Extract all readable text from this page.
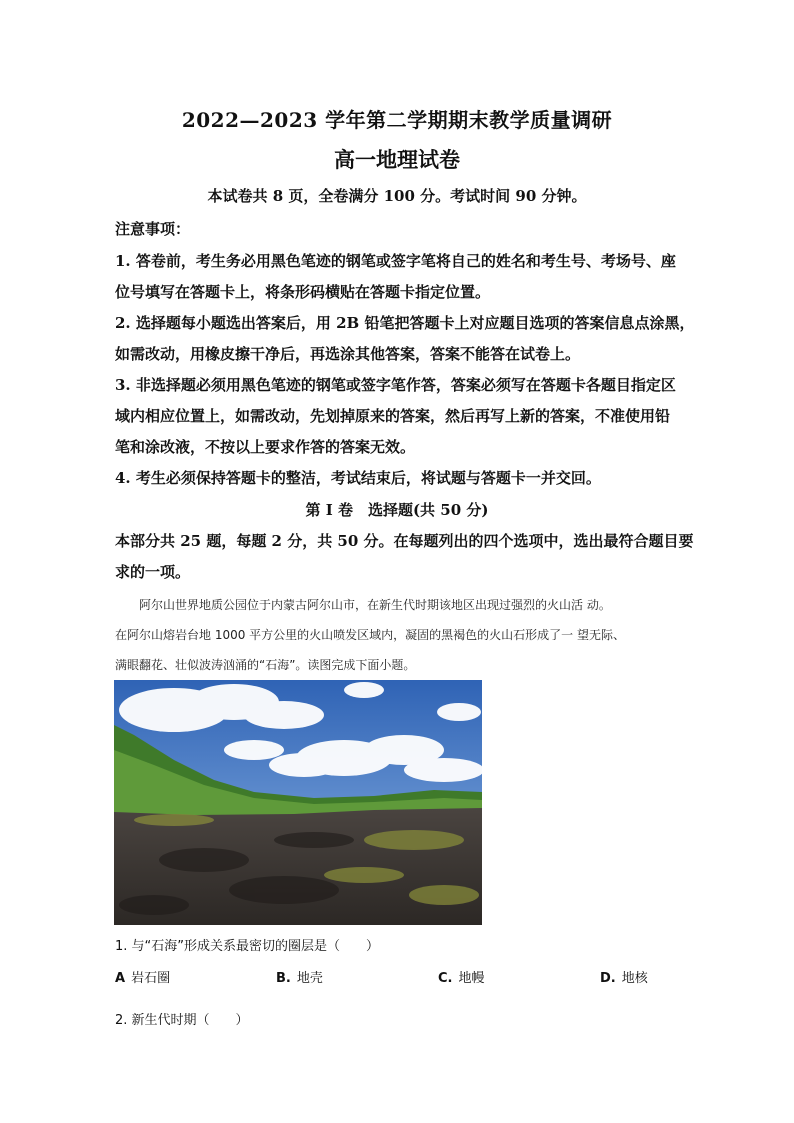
2022—2023 学年第二学期期末教学质量调研
高一地理试卷
本试卷共 8 页，全卷满分 100 分。考试时间 90 分钟。
注意事项：
1. 答卷前，考生务必用黑色笔迹的钢笔或签字笔将自己的姓名和考生号、考场号、座
位号填写在答题卡上，将条形码横贴在答题卡指定位置。
2. 选择题每小题选出答案后，用 2B 铅笔把答题卡上对应题目选项的答案信息点涂黑，
如需改动，用橡皮擦干净后，再选涂其他答案，答案不能答在试卷上。
3. 非选择题必须用黑色笔迹的钢笔或签字笔作答，答案必须写在答题卡各题目指定区
域内相应位置上，如需改动，先划掉原来的答案，然后再写上新的答案，不准使用铅
笔和涂改液，不按以上要求作答的答案无效。
4. 考生必须保持答题卡的整洁，考试结束后，将试题与答题卡一并交回。
第 I 卷　选择题(共 50 分)
本部分共 25 题，每题 2 分，共 50 分。在每题列出的四个选项中，选出最符合题目要
求的一项。
　　阿尔山世界地质公园位于内蒙古阿尔山市，在新生代时期该地区出现过强烈的火山活 动。
在阿尔山熔岩台地 1000 平方公里的火山喷发区域内，凝固的黑褐色的火山石形成了一 望无际、
满眼翻花、壮似波涛汹涌的“石海”。读图完成下面小题。
1. 与“石海”形成关系最密切的圈层是（　　）
A 岩石圈	B. 地壳	C. 地幔	D. 地核
2. 新生代时期（　　）
